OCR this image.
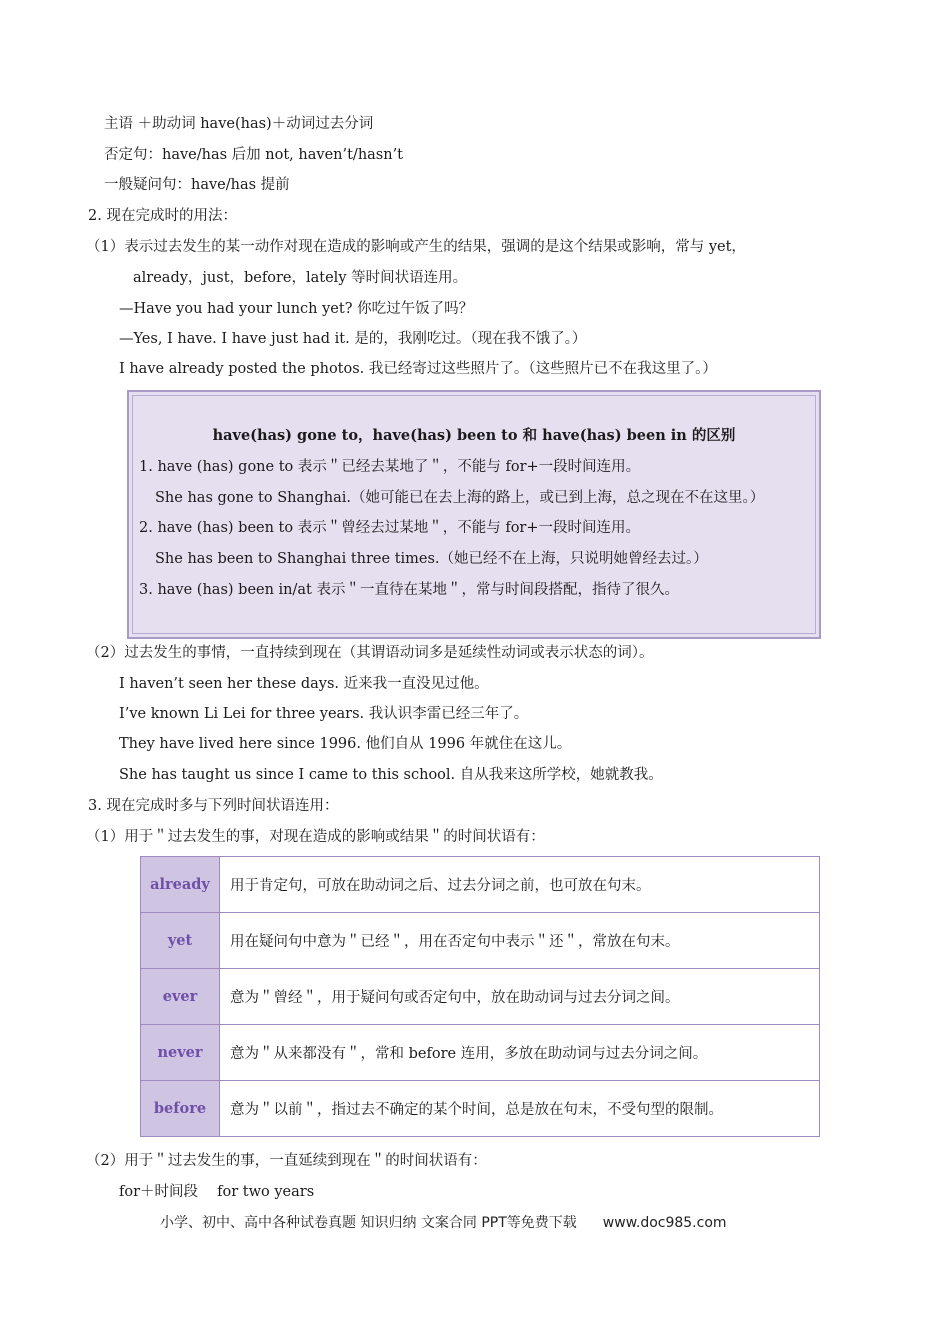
主语 ＋助动词 have(has)＋动词过去分词
否定句：have/has 后加 not, haven’t/hasn’t
一般疑问句：have/has 提前
2. 现在完成时的用法：
（1）表示过去发生的某一动作对现在造成的影响或产生的结果，强调的是这个结果或影响，常与 yet，
already，just，before，lately 等时间状语连用。
—Have you had your lunch yet? 你吃过午饭了吗？
—Yes, I have. I have just had it. 是的，我刚吃过。（现在我不饿了。）
I have already posted the photos. 我已经寄过这些照片了。（这些照片已不在我这里了。）
have(has) gone to，have(has) been to 和 have(has) been in 的区别
1. have (has) gone to 表示＂已经去某地了＂，不能与 for+一段时间连用。
She has gone to Shanghai.（她可能已在去上海的路上，或已到上海，总之现在不在这里。）
2. have (has) been to 表示＂曾经去过某地＂，不能与 for+一段时间连用。
She has been to Shanghai three times.（她已经不在上海，只说明她曾经去过。）
3. have (has) been in/at 表示＂一直待在某地＂，常与时间段搭配，指待了很久。
（2）过去发生的事情，一直持续到现在（其谓语动词多是延续性动词或表示状态的词）。
I haven’t seen her these days. 近来我一直没见过他。
I’ve known Li Lei for three years. 我认识李雷已经三年了。
They have lived here since 1996. 他们自从 1996 年就住在这儿。
She has taught us since I came to this school. 自从我来这所学校，她就教我。
3. 现在完成时多与下列时间状语连用：
（1）用于＂过去发生的事，对现在造成的影响或结果＂的时间状语有：
already	用于肯定句，可放在助动词之后、过去分词之前，也可放在句末。
yet	用在疑问句中意为＂已经＂，用在否定句中表示＂还＂，常放在句末。
ever	意为＂曾经＂，用于疑问句或否定句中，放在助动词与过去分词之间。
never	意为＂从来都没有＂，常和 before 连用，多放在助动词与过去分词之间。
before	意为＂以前＂，指过去不确定的某个时间，总是放在句末，不受句型的限制。
（2）用于＂过去发生的事，一直延续到现在＂的时间状语有：
for＋时间段　 for two years
小学、初中、高中各种试卷真题 知识归纳 文案合同 PPT等免费下载 www.doc985.com
